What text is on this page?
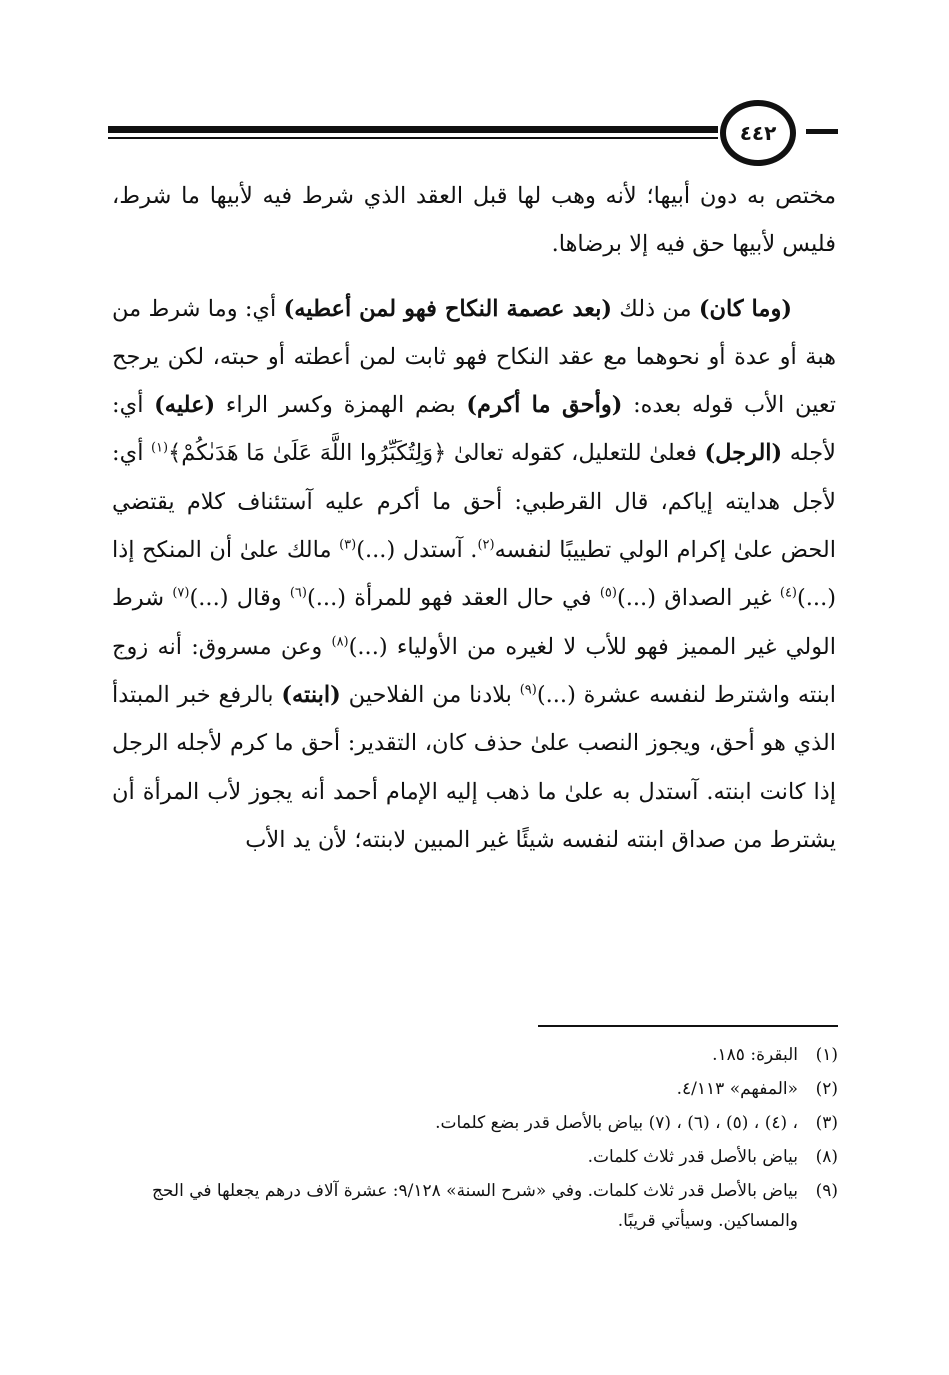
٤٤٢

مختص به دون أبيها؛ لأنه وهب لها قبل العقد الذي شرط فيه لأبيها ما شرط، فليس لأبيها حق فيه إلا برضاها.

(وما كان) من ذلك (بعد عصمة النكاح فهو لمن أعطيه) أي: وما شرط من هبة أو عدة أو نحوهما مع عقد النكاح فهو ثابت لمن أعطته أو حبته، لكن يرجح تعين الأب قوله بعده: (وأحق ما أكرم) بضم الهمزة وكسر الراء (عليه) أي: لأجله (الرجل) فعلىٰ للتعليل، كقوله تعالىٰ ﴿وَلِتُكَبِّرُوا اللَّهَ عَلَىٰ مَا هَدَىٰكُمْ﴾$^{(١)}$ أي: لأجل هدايته إياكم، قال القرطبي: أحق ما أكرم عليه آستئناف كلام يقتضي الحض علىٰ إكرام الولي تطييبًا لنفسه$^{(٢)}$. آستدل (...)$^{(٣)}$ مالك علىٰ أن المنكح إذا (...)$^{(٤)}$ غير الصداق (...)$^{(٥)}$ في حال العقد فهو للمرأة (...)$^{(٦)}$ وقال (...)$^{(٧)}$ شرط الولي غير المميز فهو للأب لا لغيره من الأولياء (...)$^{(٨)}$ وعن مسروق: أنه زوج ابنته واشترط لنفسه عشرة (...)$^{(٩)}$ بلادنا من الفلاحين (ابنته) بالرفع خبر المبتدأ الذي هو أحق، ويجوز النصب علىٰ حذف كان، التقدير: أحق ما كرم لأجله الرجل إذا كانت ابنته. آستدل به علىٰ ما ذهب إليه الإمام أحمد أنه يجوز لأب المرأة أن يشترط من صداق ابنته لنفسه شيئًا غير المبين لابنته؛ لأن يد الأب

(١)
البقرة: ١٨٥.
(٢)
«المفهم» ٤/١١٣.
(٣)
، (٤) ، (٥) ، (٦) ، (٧) بياض بالأصل قدر بضع كلمات.
(٨)
بياض بالأصل قدر ثلاث كلمات.
(٩)
بياض بالأصل قدر ثلاث كلمات. وفي «شرح السنة» ٩/١٢٨: عشرة آلاف درهم يجعلها في الحج والمساكين. وسيأتي قريبًا.
